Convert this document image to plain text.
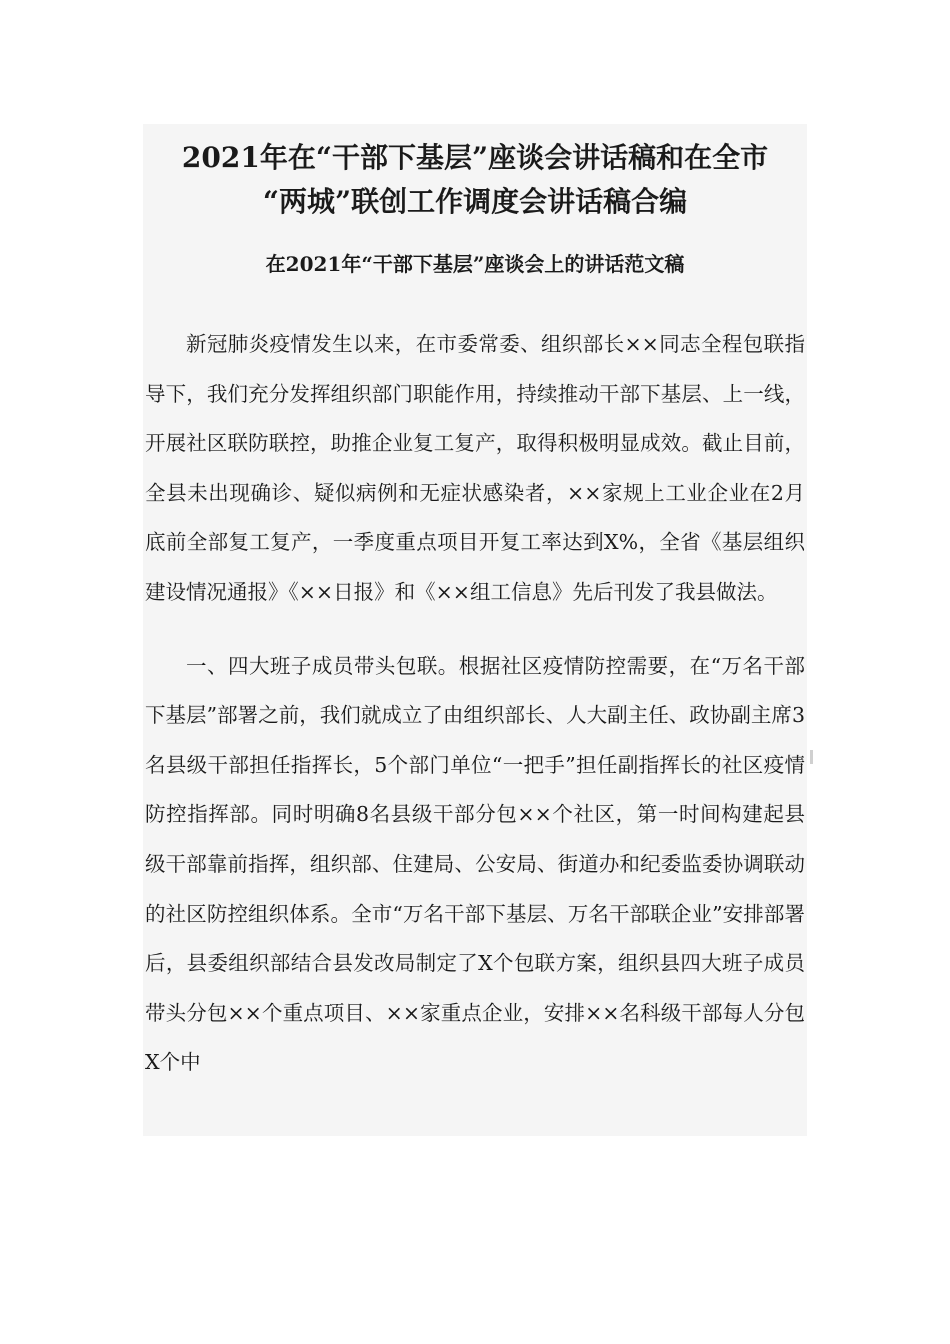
2021年在“干部下基层”座谈会讲话稿和在全市
“两城”联创工作调度会讲话稿合编
在2021年“干部下基层”座谈会上的讲话范文稿

新冠肺炎疫情发生以来，在市委常委、组织部长××同志全程包联指导下，我们充分发挥组织部门职能作用，持续推动干部下基层、上一线，开展社区联防联控，助推企业复工复产，取得积极明显成效。截止目前，全县未出现确诊、疑似病例和无症状感染者，××家规上工业企业在2月底前全部复工复产，一季度重点项目开复工率达到X%，全省《基层组织建设情况通报》《××日报》和《××组工信息》先后刊发了我县做法。

一、四大班子成员带头包联。根据社区疫情防控需要，在“万名干部下基层”部署之前，我们就成立了由组织部长、人大副主任、政协副主席3名县级干部担任指挥长，5个部门单位“一把手”担任副指挥长的社区疫情防控指挥部。同时明确8名县级干部分包××个社区，第一时间构建起县级干部靠前指挥，组织部、住建局、公安局、街道办和纪委监委协调联动的社区防控组织体系。全市“万名干部下基层、万名干部联企业”安排部署后，县委组织部结合县发改局制定了X个包联方案，组织县四大班子成员带头分包××个重点项目、××家重点企业，安排××名科级干部每人分包X个中
